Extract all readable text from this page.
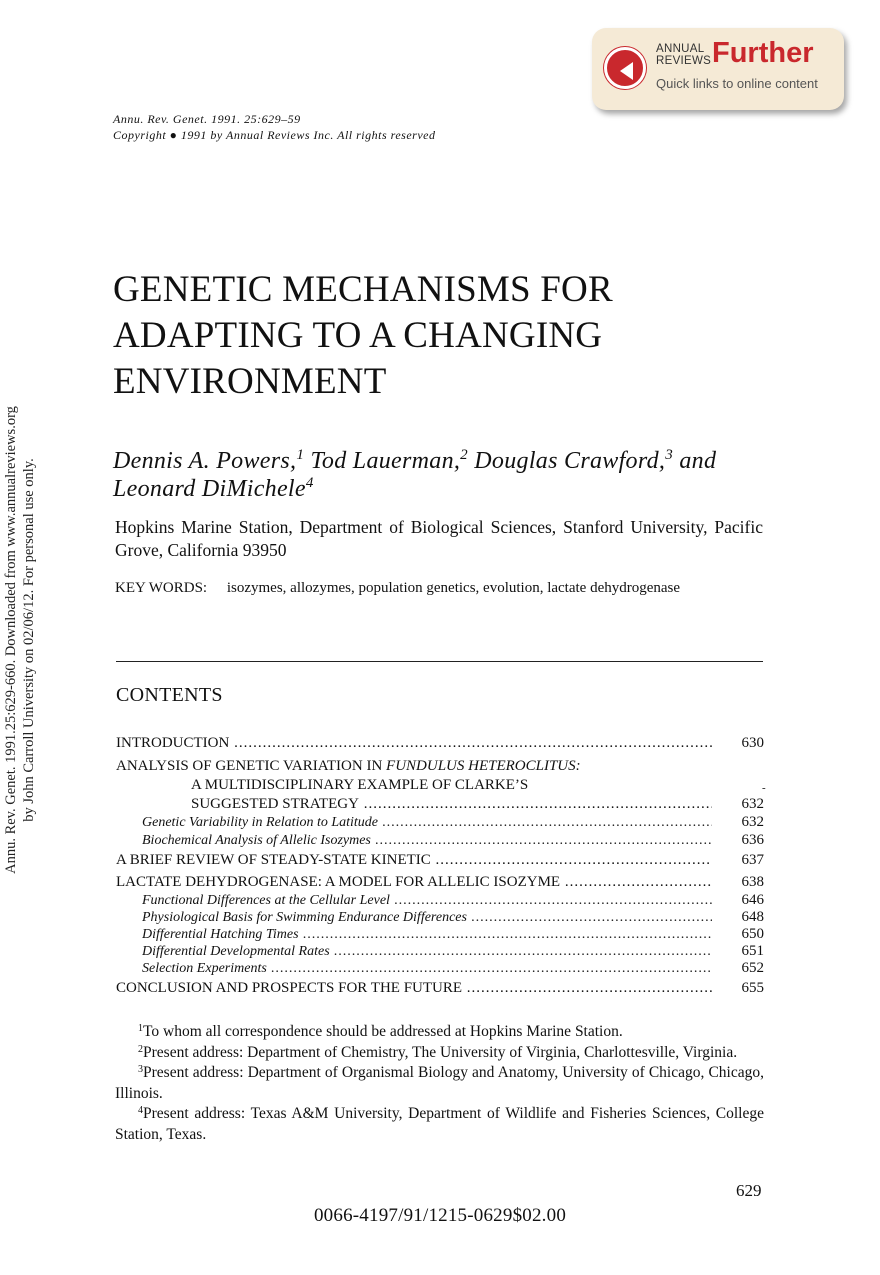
ANNUAL
REVIEWS Further
Quick links to online content
Annu. Rev. Genet. 1991. 25:629–59
Copyright ● 1991 by Annual Reviews Inc. All rights reserved
Annu. Rev. Genet. 1991.25:629-660. Downloaded from www.annualreviews.org by John Carroll University on 02/06/12. For personal use only.
GENETIC MECHANISMS FOR
ADAPTING TO A CHANGING
ENVIRONMENT
Dennis A. Powers,$^1$ Tod Lauerman,$^2$ Douglas Crawford,$^3$ and
Leonard DiMichele$^4$
Hopkins Marine Station, Department of Biological Sciences, Stanford University, Pacific Grove, California 93950
KEY WORDS: isozymes, allozymes, population genetics, evolution, lactate dehydrogenase
CONTENTS
INTRODUCTION .....	630
ANALYSIS OF GENETIC VARIATION IN FUNDULUS HETEROCLITUS:
A MULTIDISCIPLINARY EXAMPLE OF CLARKE’S	-
SUGGESTED STRATEGY .....	632
Genetic Variability in Relation to Latitude .....	632
Biochemical Analysis of Allelic Isozymes .....	636
A BRIEF REVIEW OF STEADY-STATE KINETIC .....	637
LACTATE DEHYDROGENASE: A MODEL FOR ALLELIC ISOZYME .....	638
Functional Differences at the Cellular Level .....	646
Physiological Basis for Swimming Endurance Differences .....	648
Differential Hatching Times .....	650
Differential Developmental Rates .....	651
Selection Experiments .....	652
CONCLUSION AND PROSPECTS FOR THE FUTURE .....	655

$^1$To whom all correspondence should be addressed at Hopkins Marine Station.

$^2$Present address: Department of Chemistry, The University of Virginia, Charlottesville, Virginia.

$^3$Present address: Department of Organismal Biology and Anatomy, University of Chicago, Chicago, Illinois.

$^4$Present address: Texas A&M University, Department of Wildlife and Fisheries Sciences, College Station, Texas.

629
0066-4197/91/1215-0629$02.00
